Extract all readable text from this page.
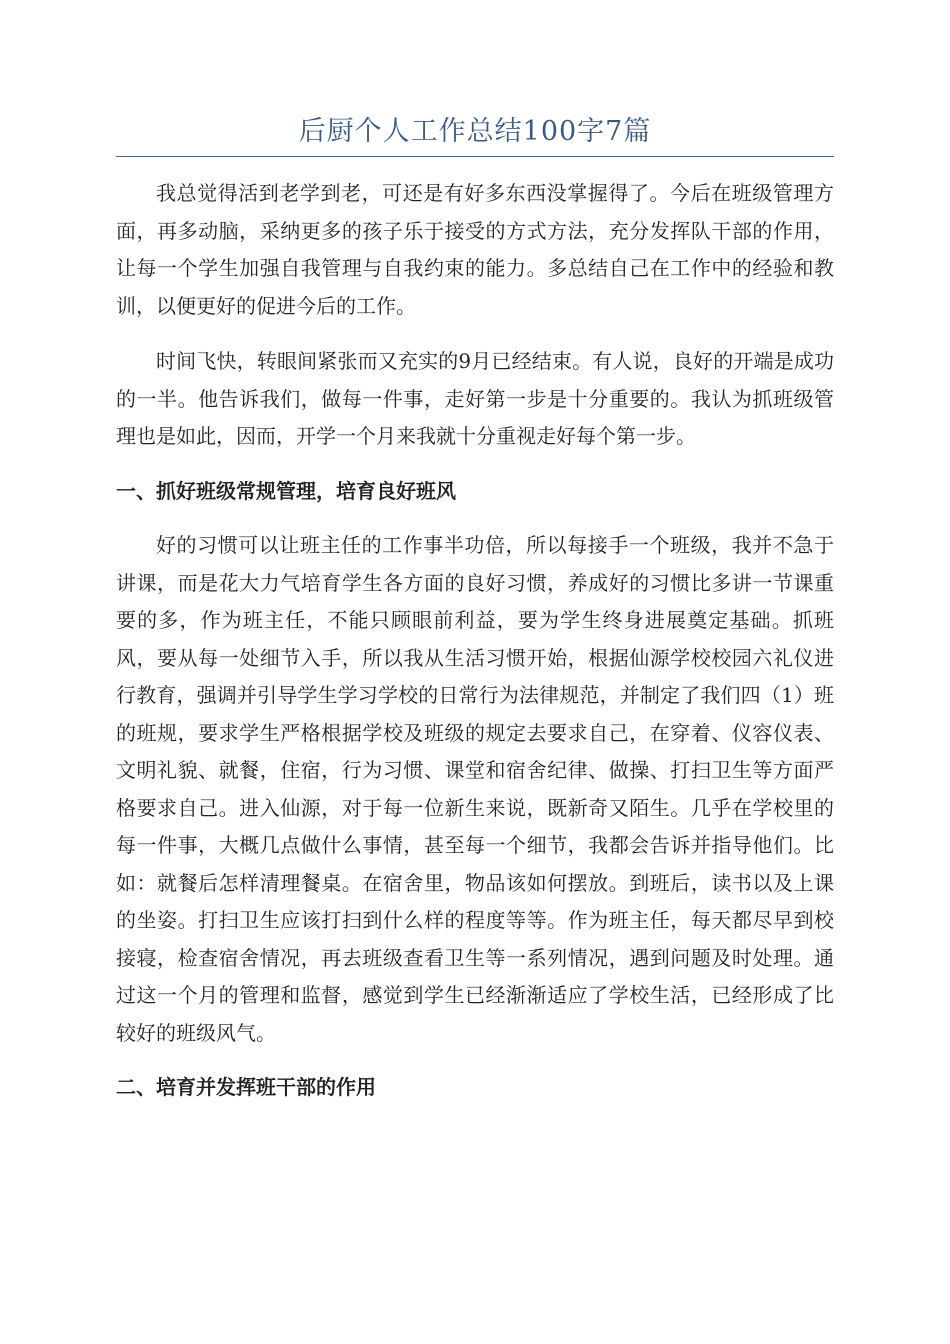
后厨个人工作总结100字7篇

我总觉得活到老学到老，可还是有好多东西没掌握得了。今后在班级管理方面，再多动脑，采纳更多的孩子乐于接受的方式方法，充分发挥队干部的作用，让每一个学生加强自我管理与自我约束的能力。多总结自己在工作中的经验和教训，以便更好的促进今后的工作。

时间飞快，转眼间紧张而又充实的9月已经结束。有人说，良好的开端是成功的一半。他告诉我们，做每一件事，走好第一步是十分重要的。我认为抓班级管理也是如此，因而，开学一个月来我就十分重视走好每个第一步。

一、抓好班级常规管理，培育良好班风

好的习惯可以让班主任的工作事半功倍，所以每接手一个班级，我并不急于讲课，而是花大力气培育学生各方面的良好习惯，养成好的习惯比多讲一节课重要的多，作为班主任，不能只顾眼前利益，要为学生终身进展奠定基础。抓班风，要从每一处细节入手，所以我从生活习惯开始，根据仙源学校校园六礼仪进行教育，强调并引导学生学习学校的日常行为法律规范，并制定了我们四（1）班的班规，要求学生严格根据学校及班级的规定去要求自己，在穿着、仪容仪表、文明礼貌、就餐，住宿，行为习惯、课堂和宿舍纪律、做操、打扫卫生等方面严格要求自己。进入仙源，对于每一位新生来说，既新奇又陌生。几乎在学校里的每一件事，大概几点做什么事情，甚至每一个细节，我都会告诉并指导他们。比如：就餐后怎样清理餐桌。在宿舍里，物品该如何摆放。到班后，读书以及上课的坐姿。打扫卫生应该打扫到什么样的程度等等。作为班主任，每天都尽早到校接寝，检查宿舍情况，再去班级查看卫生等一系列情况，遇到问题及时处理。通过这一个月的管理和监督，感觉到学生已经渐渐适应了学校生活，已经形成了比较好的班级风气。

二、培育并发挥班干部的作用
